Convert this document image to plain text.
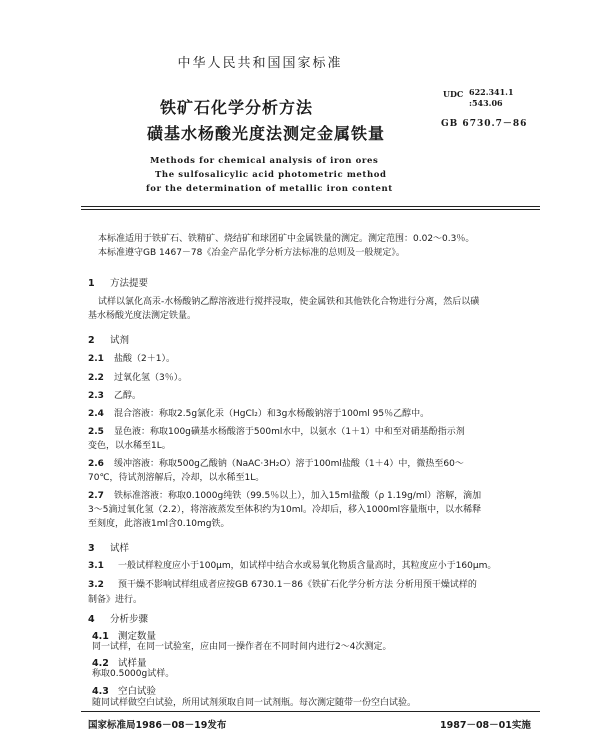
中华人民共和国国家标准
铁矿石化学分析方法
磺基水杨酸光度法测定金属铁量
UDC 622.341.1
:543.06
GB 6730.7－86
Methods for chemical analysis of iron ores
The sulfosalicylic acid photometric method
for the determination of metallic iron content
本标准适用于铁矿石、铁精矿、烧结矿和球团矿中金属铁量的测定。测定范围：0.02～0.3％。
本标准遵守GB 1467－78《冶金产品化学分析方法标准的总则及一般规定》。
1 方法提要
试样以氯化高汞-水杨酸钠乙醇溶液进行搅拌浸取，使金属铁和其他铁化合物进行分离，然后以磺
基水杨酸光度法测定铁量。
2 试剂
2.1 盐酸（2＋1）。
2.2 过氧化氢（3％）。
2.3 乙醇。
2.4 混合溶液：称取2.5g氯化汞（HgCl₂）和3g水杨酸钠溶于100ml 95％乙醇中。
2.5 显色液：称取100g磺基水杨酸溶于500ml水中，以氨水（1＋1）中和至对硝基酚指示剂
变色，以水稀至1L。
2.6 缓冲溶液：称取500g乙酸钠（NaAC·3H₂O）溶于100ml盐酸（1＋4）中，微热至60～
70℃，待试剂溶解后，冷却，以水稀至1L。
2.7 铁标准溶液：称取0.1000g纯铁（99.5％以上），加入15ml盐酸（ρ 1.19g/ml）溶解，滴加
3～5滴过氧化氢（2.2），将溶液蒸发至体积约为10ml。冷却后，移入1000ml容量瓶中，以水稀释
至刻度，此溶液1ml含0.10mg铁。
3 试样
3.1 一般试样粒度应小于100μm，如试样中结合水或易氧化物质含量高时，其粒度应小于160μm。
3.2 预干燥不影响试样组成者应按GB 6730.1－86《铁矿石化学分析方法 分析用预干燥试样的
制备》进行。
4 分析步骤
4.1 测定数量
同一试样，在同一试验室，应由同一操作者在不同时间内进行2～4次测定。
4.2 试样量
称取0.5000g试样。
4.3 空白试验
国家标准局1986－08－19发布	1987－08－01实施
随同试样做空白试验，所用试剂须取自同一试剂瓶。每次测定随带一份空白试验。
